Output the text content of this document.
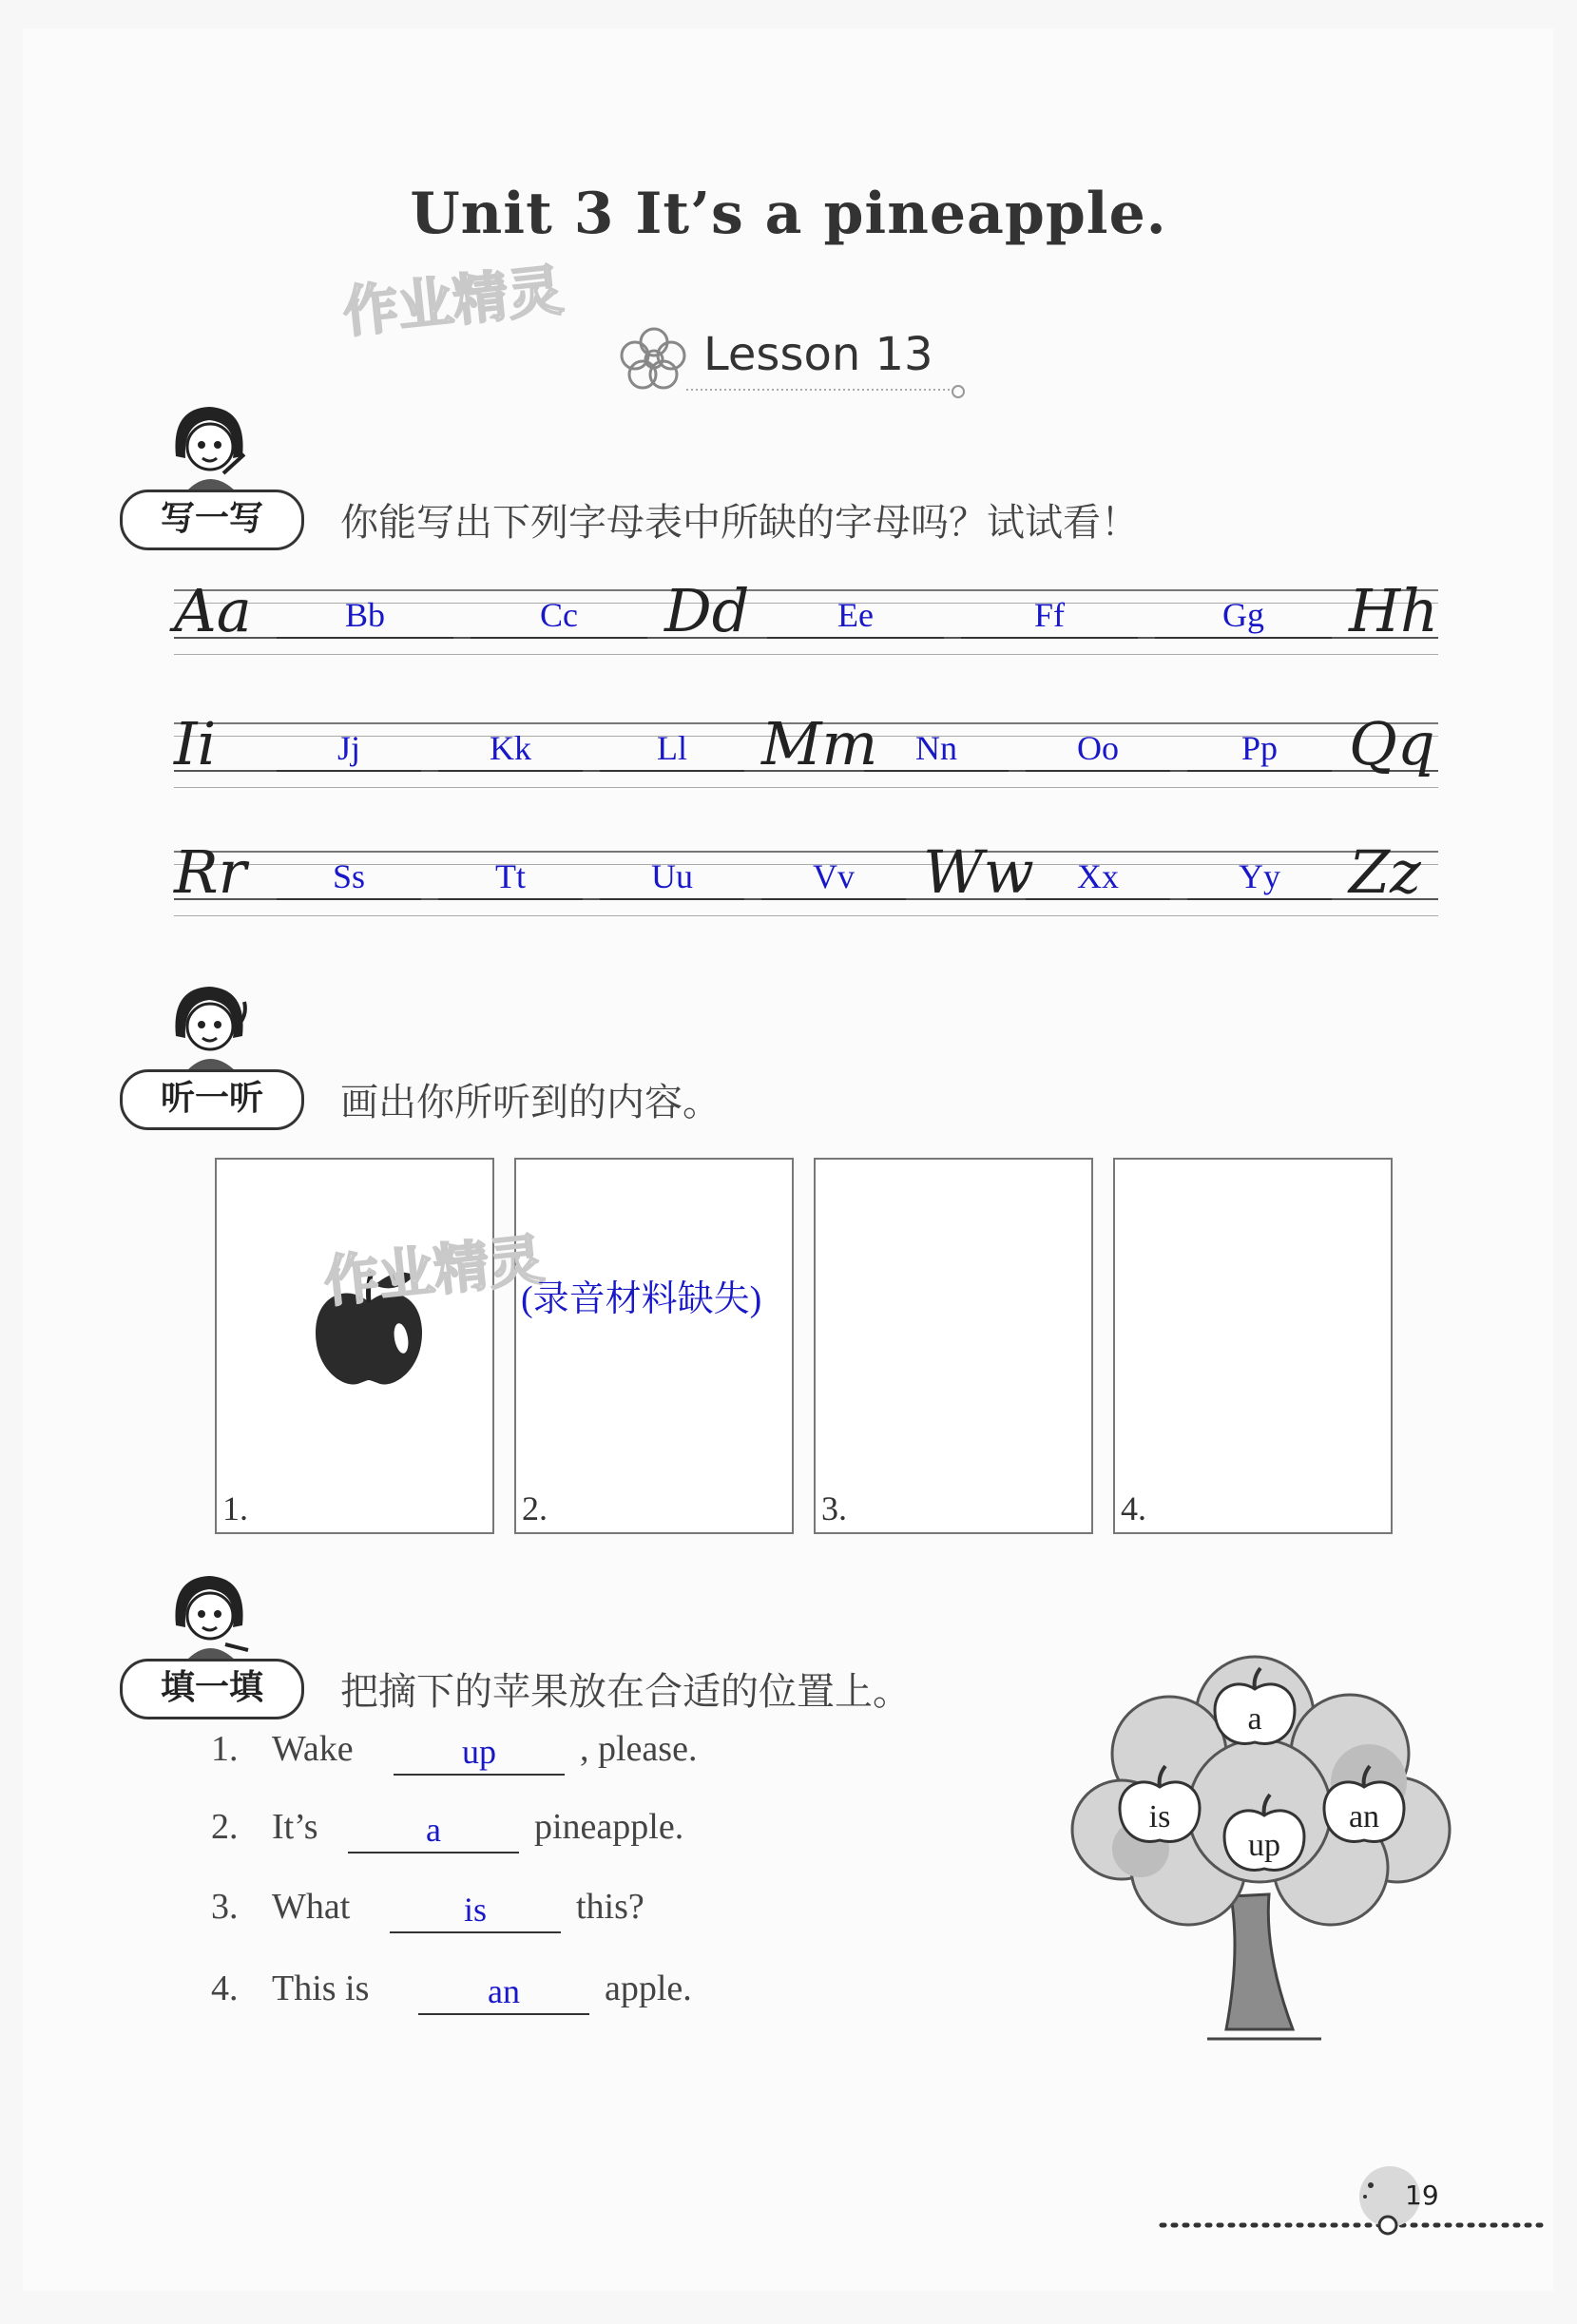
Unit 3 It’s a pineapple.
作业精灵
Lesson 13
写一写	你能写出下列字母表中所缺的字母吗？试试看！
Aa	Bb	Cc	Dd	Ee	Ff	Gg	Hh
Ii	Jj	Kk	Ll	Mm	Nn	Oo	Pp	Qq
Rr	Ss	Tt	Uu	Vv	Ww	Xx	Yy	Zz
听一听	画出你所听到的内容。
1.	2.	3.	4.
作业精灵
(录音材料缺失)
填一填	把摘下的苹果放在合适的位置上。
1. Wake	up	, please.
2. It’s	a	pineapple.
3. What	is	this?
4. This is	an	apple.
a
is	an
up
19
